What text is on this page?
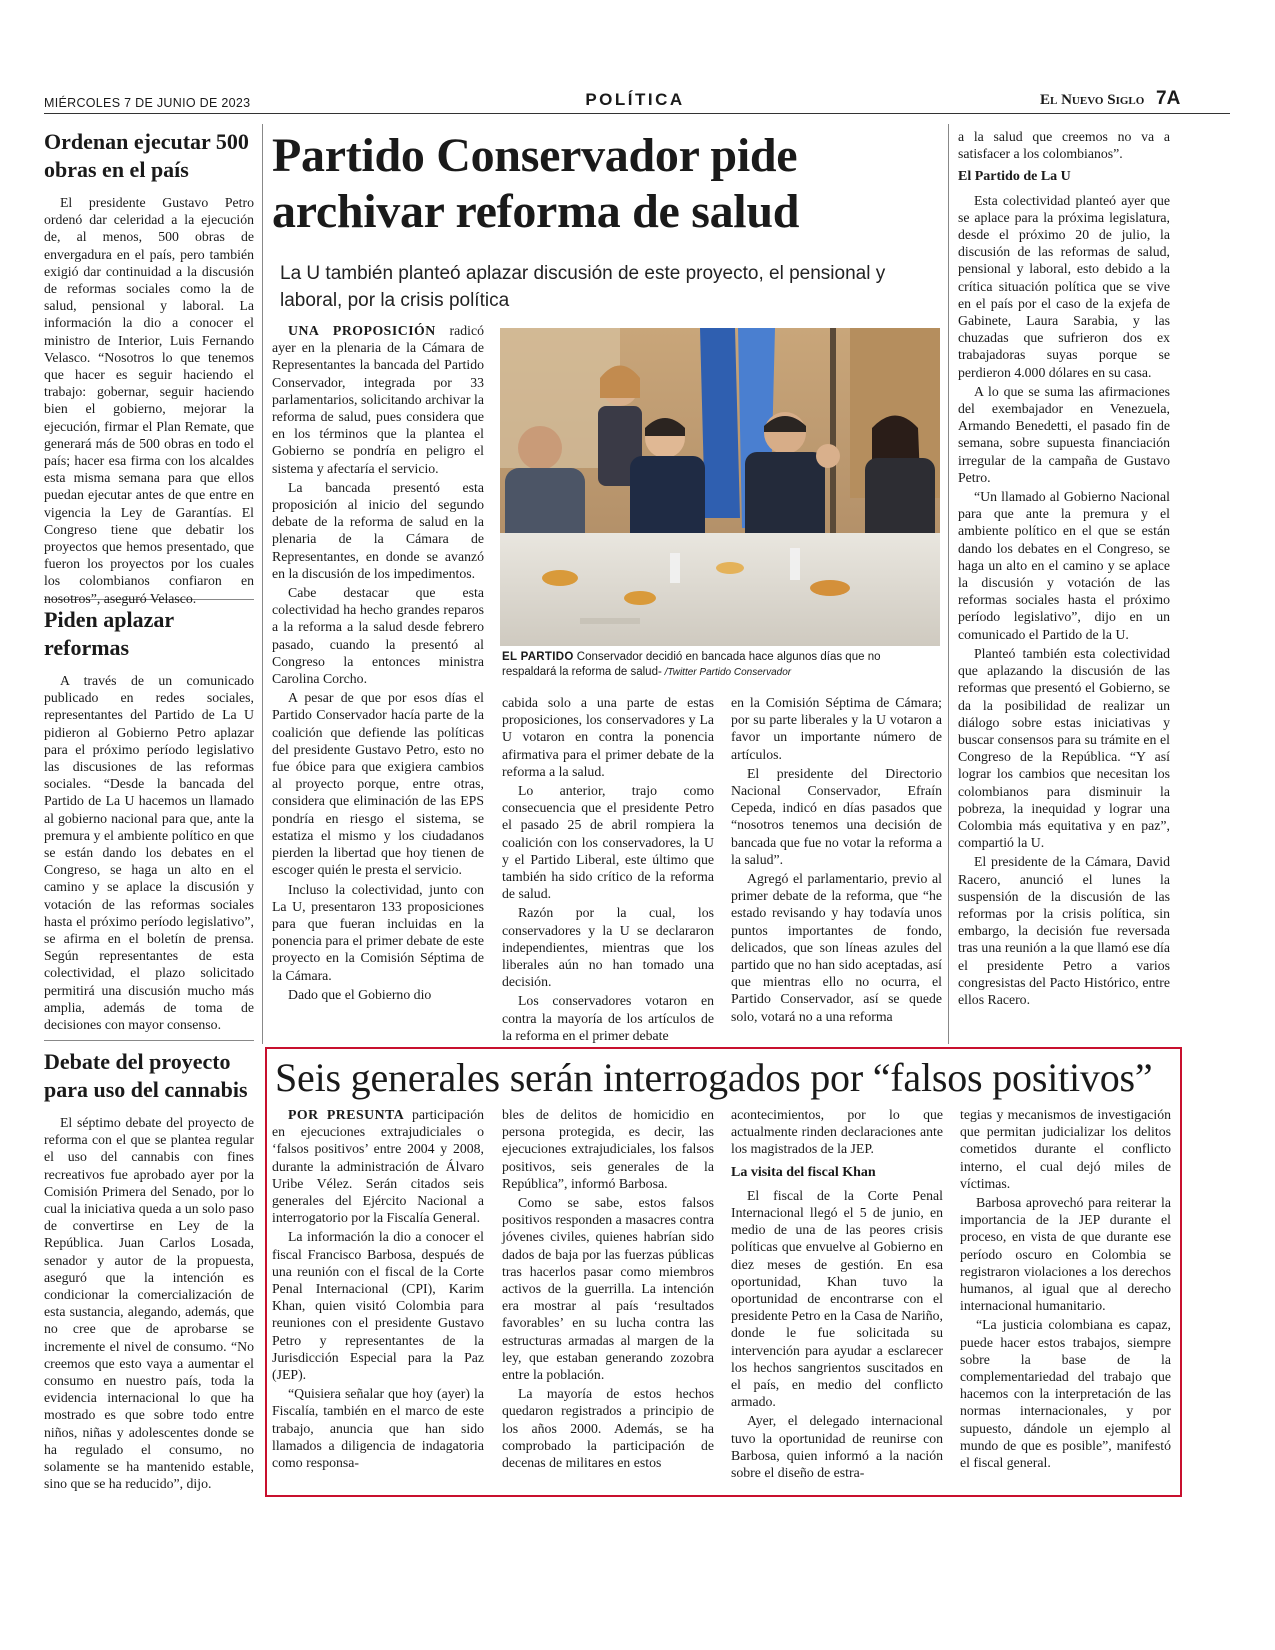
MIÉRCOLES 7 DE JUNIO DE 2023	POLÍTICA	El Nuevo Siglo 7A
Ordenan ejecutar 500 obras en el país

El presidente Gustavo Petro ordenó dar celeridad a la ejecución de, al menos, 500 obras de envergadura en el país, pero también exigió dar continuidad a la discusión de reformas sociales como la de salud, pensional y laboral. La información la dio a conocer el ministro de Interior, Luis Fernando Velasco. “Nosotros lo que tenemos que hacer es seguir haciendo el trabajo: gobernar, seguir haciendo bien el gobierno, mejorar la ejecución, firmar el Plan Remate, que generará más de 500 obras en todo el país; hacer esa firma con los alcaldes esta misma semana para que ellos puedan ejecutar antes de que entre en vigencia la Ley de Garantías. El Congreso tiene que debatir los proyectos que hemos presentado, que fueron los proyectos por los cuales los colombianos confiaron en nosotros”, aseguró Velasco.

Piden aplazar reformas

A través de un comunicado publicado en redes sociales, representantes del Partido de La U pidieron al Gobierno Petro aplazar para el próximo período legislativo las discusiones de las reformas sociales. “Desde la bancada del Partido de La U hacemos un llamado al gobierno nacional para que, ante la premura y el ambiente político en que se están dando los debates en el Congreso, se haga un alto en el camino y se aplace la discusión y votación de las reformas sociales hasta el próximo período legislativo”, se afirma en el boletín de prensa. Según representantes de esta colectividad, el plazo solicitado permitirá una discusión mucho más amplia, además de toma de decisiones con mayor consenso.

Debate del proyecto para uso del cannabis

El séptimo debate del proyecto de reforma con el que se plantea regular el uso del cannabis con fines recreativos fue aprobado ayer por la Comisión Primera del Senado, por lo cual la iniciativa queda a un solo paso de convertirse en Ley de la República. Juan Carlos Losada, senador y autor de la propuesta, aseguró que la intención es condicionar la comercialización de esta sustancia, alegando, además, que no cree que de aprobarse se incremente el nivel de consumo. “No creemos que esto vaya a aumentar el consumo en nuestro país, toda la evidencia internacional lo que ha mostrado es que sobre todo entre niños, niñas y adolescentes donde se ha regulado el consumo, no solamente se ha mantenido estable, sino que se ha reducido”, dijo.

Partido Conservador pide archivar reforma de salud
La U también planteó aplazar discusión de este proyecto, el pensional y laboral, por la crisis política
EL PARTIDO Conservador decidió en bancada hace algunos días que no respaldará la reforma de salud- /Twitter Partido Conservador

UNA PROPOSICIÓN radicó ayer en la plenaria de la Cámara de Representantes la bancada del Partido Conservador, integrada por 33 parlamentarios, solicitando archivar la reforma de salud, pues considera que en los términos que la plantea el Gobierno se pondría en peligro el sistema y afectaría el servicio.

La bancada presentó esta proposición al inicio del segundo debate de la reforma de salud en la plenaria de la Cámara de Representantes, en donde se avanzó en la discusión de los impedimentos.

Cabe destacar que esta colectividad ha hecho grandes reparos a la reforma a la salud desde febrero pasado, cuando la presentó al Congreso la entonces ministra Carolina Corcho.

A pesar de que por esos días el Partido Conservador hacía parte de la coalición que defiende las políticas del presidente Gustavo Petro, esto no fue óbice para que exigiera cambios al proyecto porque, entre otras, considera que eliminación de las EPS pondría en riesgo el sistema, se estatiza el mismo y los ciudadanos pierden la libertad que hoy tienen de escoger quién le presta el servicio.

Incluso la colectividad, junto con La U, presentaron 133 proposiciones para que fueran incluidas en la ponencia para el primer debate de este proyecto en la Comisión Séptima de la Cámara.

Dado que el Gobierno dio

cabida solo a una parte de estas proposiciones, los conservadores y La U votaron en contra la ponencia afirmativa para el primer debate de la reforma a la salud.

Lo anterior, trajo como consecuencia que el presidente Petro el pasado 25 de abril rompiera la coalición con los conservadores, la U y el Partido Liberal, este último que también ha sido crítico de la reforma de salud.

Razón por la cual, los conservadores y la U se declararon independientes, mientras que los liberales aún no han tomado una decisión.

Los conservadores votaron en contra la mayoría de los artículos de la reforma en el primer debate

en la Comisión Séptima de Cámara; por su parte liberales y la U votaron a favor un importante número de artículos.

El presidente del Directorio Nacional Conservador, Efraín Cepeda, indicó en días pasados que “nosotros tenemos una decisión de bancada que fue no votar la reforma a la salud”.

Agregó el parlamentario, previo al primer debate de la reforma, que “he estado revisando y hay todavía unos puntos importantes de fondo, delicados, que son líneas azules del partido que no han sido aceptadas, así que mientras ello no ocurra, el Partido Conservador, así se quede solo, votará no a una reforma

a la salud que creemos no va a satisfacer a los colombianos”.

El Partido de La U

Esta colectividad planteó ayer que se aplace para la próxima legislatura, desde el próximo 20 de julio, la discusión de las reformas de salud, pensional y laboral, esto debido a la crítica situación política que se vive en el país por el caso de la exjefa de Gabinete, Laura Sarabia, y las chuzadas que sufrieron dos ex trabajadoras suyas porque se perdieron 4.000 dólares en su casa.

A lo que se suma las afirmaciones del exembajador en Venezuela, Armando Benedetti, el pasado fin de semana, sobre supuesta financiación irregular de la campaña de Gustavo Petro.

“Un llamado al Gobierno Nacional para que ante la premura y el ambiente político en el que se están dando los debates en el Congreso, se haga un alto en el camino y se aplace la discusión y votación de las reformas sociales hasta el próximo período legislativo”, dijo en un comunicado el Partido de la U.

Planteó también esta colectividad que aplazando la discusión de las reformas que presentó el Gobierno, se da la posibilidad de realizar un diálogo sobre estas iniciativas y buscar consensos para su trámite en el Congreso de la República. “Y así lograr los cambios que necesitan los colombianos para disminuir la pobreza, la inequidad y lograr una Colombia más equitativa y en paz”, compartió la U.

El presidente de la Cámara, David Racero, anunció el lunes la suspensión de la discusión de las reformas por la crisis política, sin embargo, la decisión fue reversada tras una reunión a la que llamó ese día el presidente Petro a varios congresistas del Pacto Histórico, entre ellos Racero.

Seis generales serán interrogados por “falsos positivos”

POR PRESUNTA participación en ejecuciones extrajudiciales o ‘falsos positivos’ entre 2004 y 2008, durante la administración de Álvaro Uribe Vélez. Serán citados seis generales del Ejército Nacional a interrogatorio por la Fiscalía General.

La información la dio a conocer el fiscal Francisco Barbosa, después de una reunión con el fiscal de la Corte Penal Internacional (CPI), Karim Khan, quien visitó Colombia para reuniones con el presidente Gustavo Petro y representantes de la Jurisdicción Especial para la Paz (JEP).

“Quisiera señalar que hoy (ayer) la Fiscalía, también en el marco de este trabajo, anuncia que han sido llamados a diligencia de indagatoria como responsa-

bles de delitos de homicidio en persona protegida, es decir, las ejecuciones extrajudiciales, los falsos positivos, seis generales de la República”, informó Barbosa.

Como se sabe, estos falsos positivos responden a masacres contra jóvenes civiles, quienes habrían sido dados de baja por las fuerzas públicas tras hacerlos pasar como miembros activos de la guerrilla. La intención era mostrar al país ‘resultados favorables’ en su lucha contra las estructuras armadas al margen de la ley, que estaban generando zozobra entre la población.

La mayoría de estos hechos quedaron registrados a principio de los años 2000. Además, se ha comprobado la participación de decenas de militares en estos

acontecimientos, por lo que actualmente rinden declaraciones ante los magistrados de la JEP.

La visita del fiscal Khan

El fiscal de la Corte Penal Internacional llegó el 5 de junio, en medio de una de las peores crisis políticas que envuelve al Gobierno en diez meses de gestión. En esa oportunidad, Khan tuvo la oportunidad de encontrarse con el presidente Petro en la Casa de Nariño, donde le fue solicitada su intervención para ayudar a esclarecer los hechos sangrientos suscitados en el país, en medio del conflicto armado.

Ayer, el delegado internacional tuvo la oportunidad de reunirse con Barbosa, quien informó a la nación sobre el diseño de estra-

tegias y mecanismos de investigación que permitan judicializar los delitos cometidos durante el conflicto interno, el cual dejó miles de víctimas.

Barbosa aprovechó para reiterar la importancia de la JEP durante el proceso, en vista de que durante ese período oscuro en Colombia se registraron violaciones a los derechos humanos, al igual que al derecho internacional humanitario.

“La justicia colombiana es capaz, puede hacer estos trabajos, siempre sobre la base de la complementariedad del trabajo que hacemos con la interpretación de las normas internacionales, y por supuesto, dándole un ejemplo al mundo de que es posible”, manifestó el fiscal general.
